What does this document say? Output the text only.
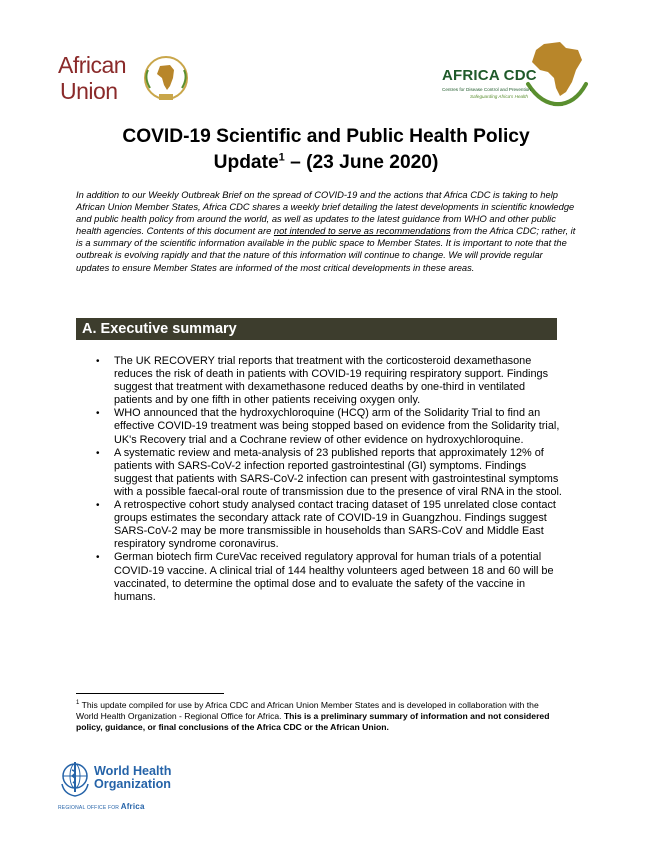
African
Union
AFRICA CDC
Centres for Disease Control and Prevention
Safeguarding Africa's Health
COVID-19 Scientific and Public Health Policy
Update$^1$ – (23 June 2020)

In addition to our Weekly Outbreak Brief on the spread of COVID-19 and the actions that Africa CDC is taking to help African Union Member States, Africa CDC shares a weekly brief detailing the latest developments in scientific knowledge and public health policy from around the world, as well as updates to the latest guidance from WHO and other public health agencies. Contents of this document are not intended to serve as recommendations from the Africa CDC; rather, it is a summary of the scientific information available in the public space to Member States. It is important to note that the outbreak is evolving rapidly and that the nature of this information will continue to change. We will provide regular updates to ensure Member States are informed of the most critical developments in these areas.

A. Executive summary
• The UK RECOVERY trial reports that treatment with the corticosteroid dexamethasone reduces the risk of death in patients with COVID-19 requiring respiratory support. Findings suggest that treatment with dexamethasone reduced deaths by one-third in ventilated patients and by one fifth in other patients receiving oxygen only.
• WHO announced that the hydroxychloroquine (HCQ) arm of the Solidarity Trial to find an effective COVID-19 treatment was being stopped based on evidence from the Solidarity trial, UK's Recovery trial and a Cochrane review of other evidence on hydroxychloroquine.
• A systematic review and meta-analysis of 23 published reports that approximately 12% of patients with SARS-CoV-2 infection reported gastrointestinal (GI) symptoms. Findings suggest that patients with SARS-CoV-2 infection can present with gastrointestinal symptoms with a possible faecal-oral route of transmission due to the presence of viral RNA in the stool.
• A retrospective cohort study analysed contact tracing dataset of 195 unrelated close contact groups estimates the secondary attack rate of COVID-19 in Guangzhou. Findings suggest SARS-CoV-2 may be more transmissible in households than SARS-CoV and Middle East respiratory syndrome coronavirus.
• German biotech firm CureVac received regulatory approval for human trials of a potential COVID-19 vaccine. A clinical trial of 144 healthy volunteers aged between 18 and 60 will be vaccinated, to determine the optimal dose and to evaluate the safety of the vaccine in humans.

$^1$ This update compiled for use by Africa CDC and African Union Member States and is developed in collaboration with the World Health Organization - Regional Office for Africa. This is a preliminary summary of information and not considered policy, guidance, or final conclusions of the Africa CDC or the African Union.

World Health
Organization
REGIONAL OFFICE FOR Africa
